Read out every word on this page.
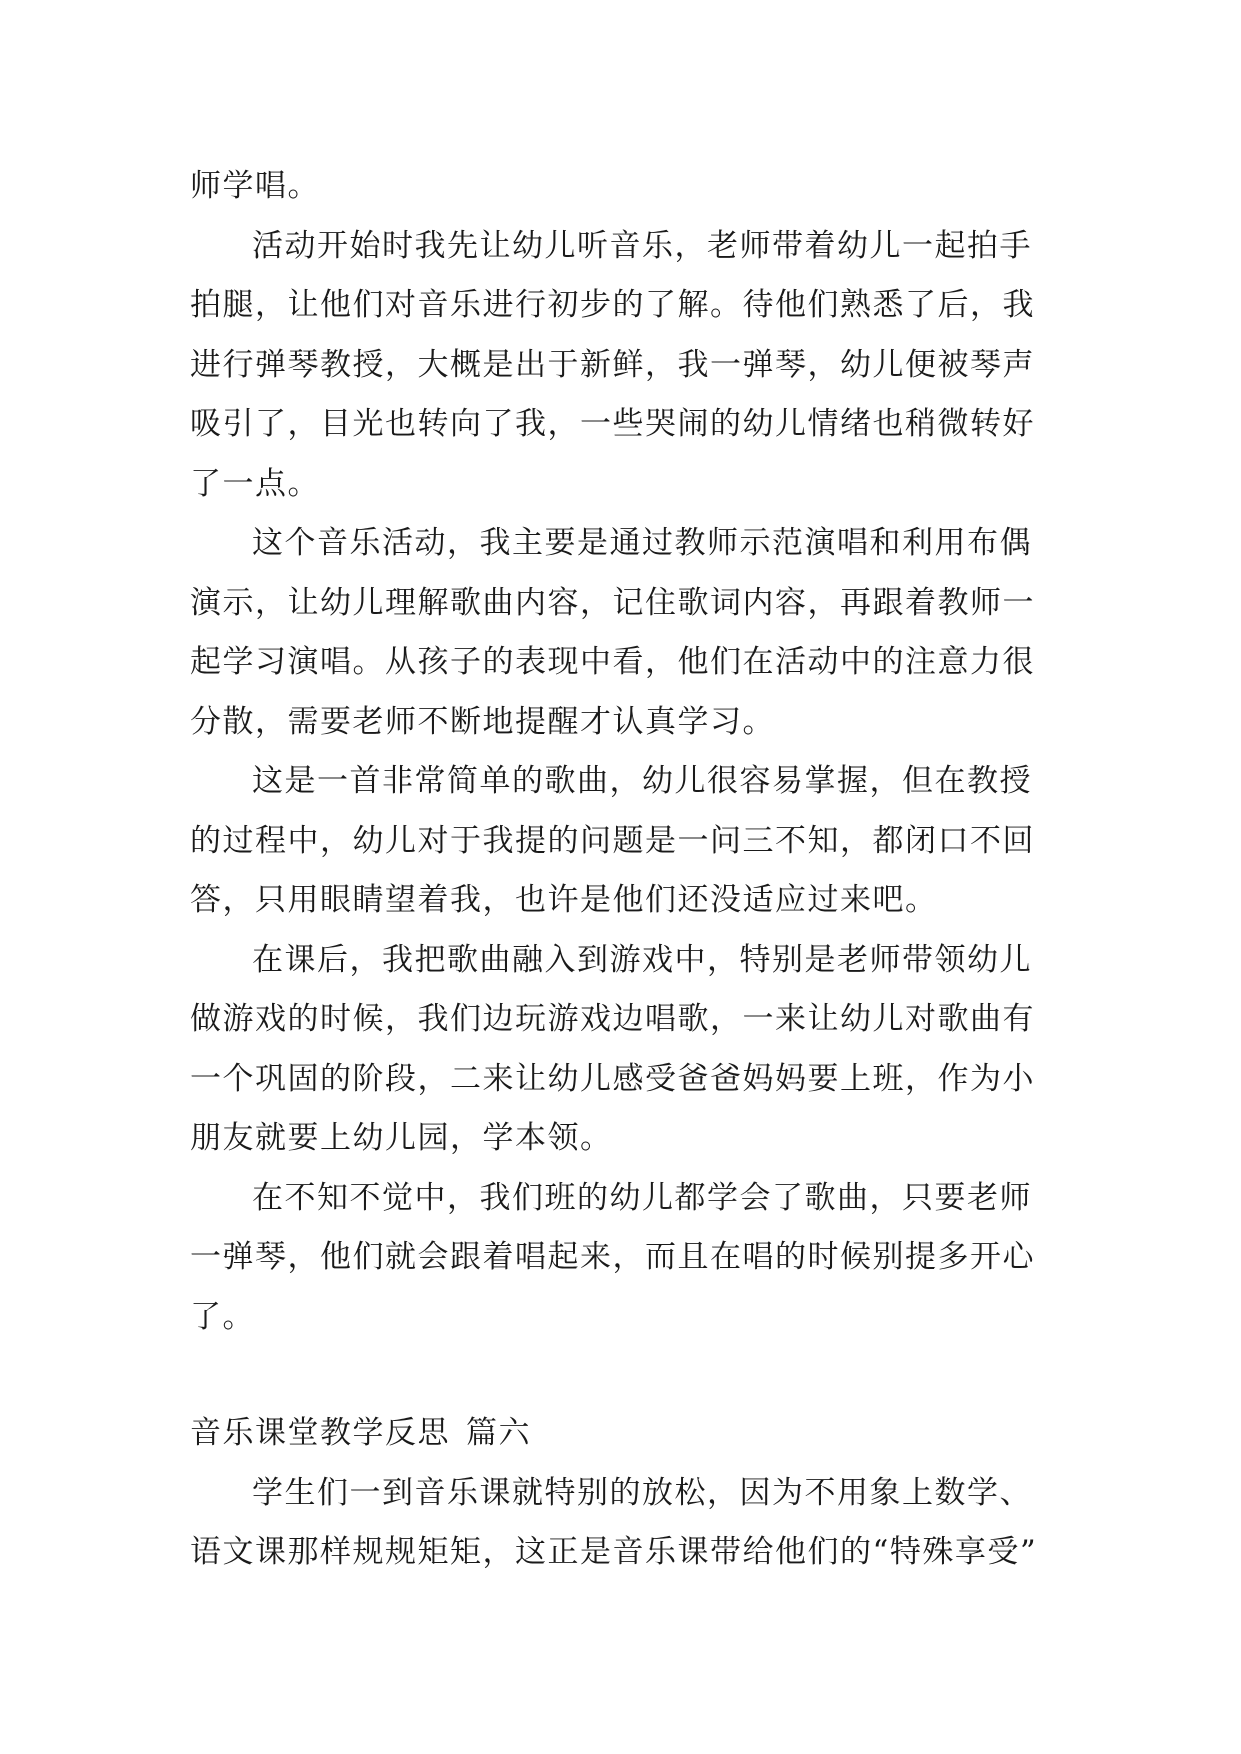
师学唱。

活动开始时我先让幼儿听音乐，老师带着幼儿一起拍手

拍腿，让他们对音乐进行初步的了解。待他们熟悉了后，我
进行弹琴教授，大概是出于新鲜，我一弹琴，幼儿便被琴声
吸引了，目光也转向了我，一些哭闹的幼儿情绪也稍微转好
了一点。

这个音乐活动，我主要是通过教师示范演唱和利用布偶

演示，让幼儿理解歌曲内容，记住歌词内容，再跟着教师一
起学习演唱。从孩子的表现中看，他们在活动中的注意力很
分散，需要老师不断地提醒才认真学习。

这是一首非常简单的歌曲，幼儿很容易掌握，但在教授

的过程中，幼儿对于我提的问题是一问三不知，都闭口不回
答，只用眼睛望着我，也许是他们还没适应过来吧。

在课后，我把歌曲融入到游戏中，特别是老师带领幼儿

做游戏的时候，我们边玩游戏边唱歌，一来让幼儿对歌曲有
一个巩固的阶段，二来让幼儿感受爸爸妈妈要上班，作为小
朋友就要上幼儿园，学本领。

在不知不觉中，我们班的幼儿都学会了歌曲，只要老师

一弹琴，他们就会跟着唱起来，而且在唱的时候别提多开心
了。

音乐课堂教学反思 篇六

学生们一到音乐课就特别的放松，因为不用象上数学、

语文课那样规规矩矩，这正是音乐课带给他们的“特殊享受”
